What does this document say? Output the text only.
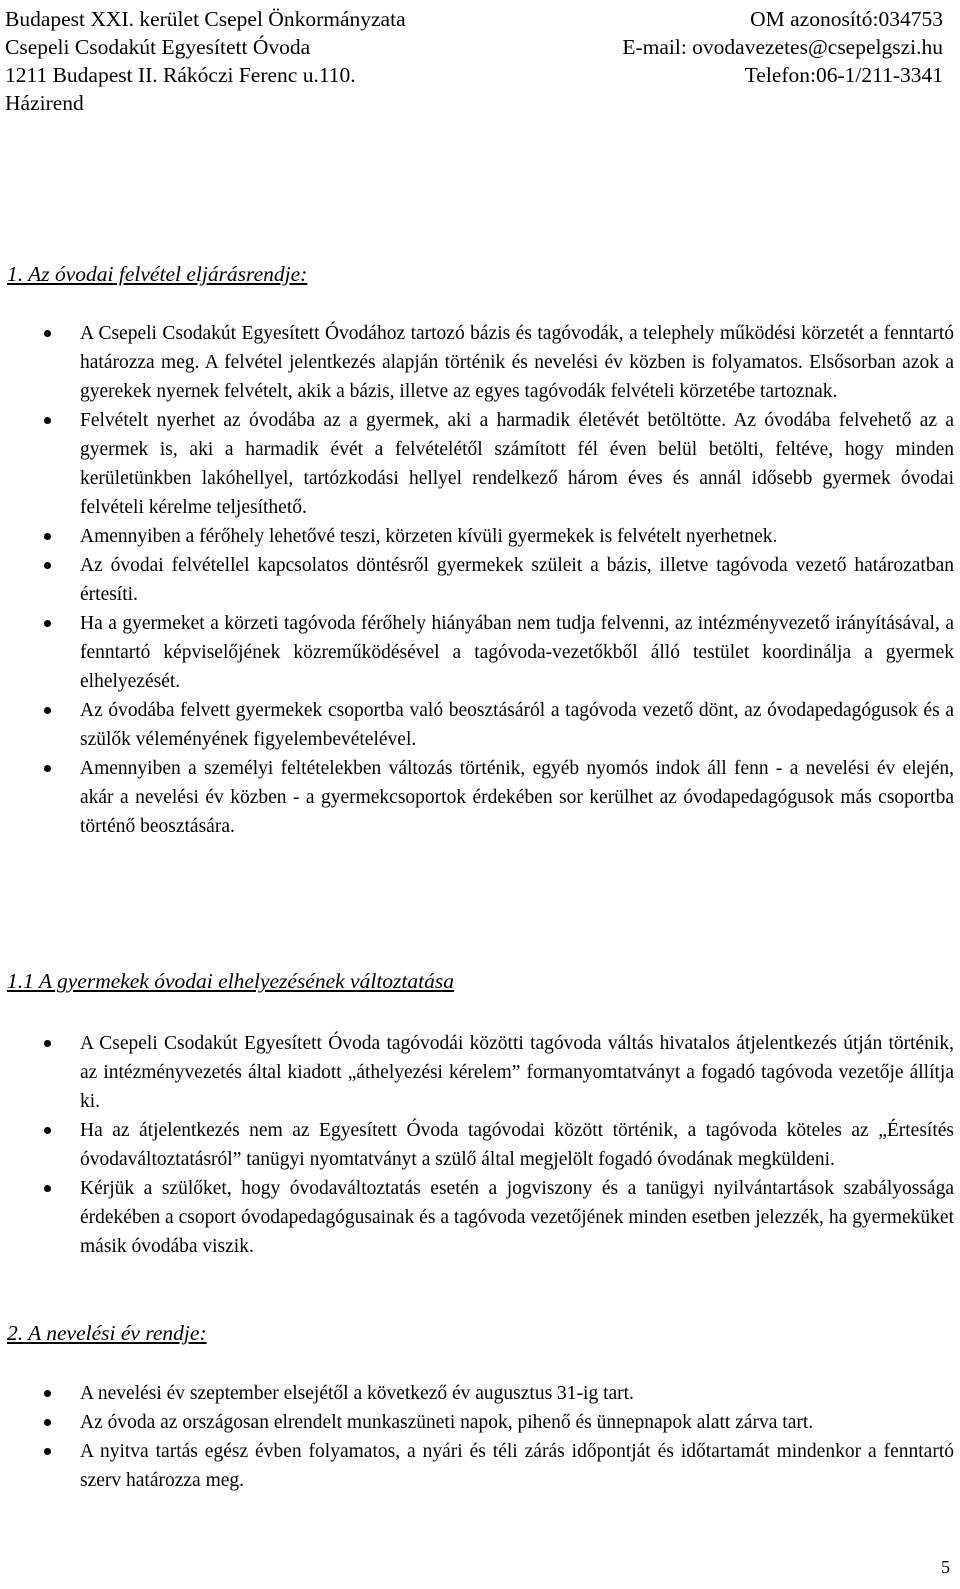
Budapest XXI. kerület Csepel Önkormányzata	OM azonosító:034753
Csepeli Csodakút Egyesített Óvoda	E-mail: ovodavezetes@csepelgszi.hu
1211 Budapest II. Rákóczi Ferenc u.110.	Telefon:06-1/211-3341
Házirend
1. Az óvodai felvétel eljárásrendje:
A Csepeli Csodakút Egyesített Óvodához tartozó bázis és tagóvodák, a telephely működési körzetét a fenntartó határozza meg. A felvétel jelentkezés alapján történik és nevelési év közben is folyamatos. Elsősorban azok a gyerekek nyernek felvételt, akik a bázis, illetve az egyes tagóvodák felvételi körzetébe tartoznak.
Felvételt nyerhet az óvodába az a gyermek, aki a harmadik életévét betöltötte. Az óvodába felvehető az a gyermek is, aki a harmadik évét a felvételétől számított fél éven belül betölti, feltéve, hogy minden kerületünkben lakóhellyel, tartózkodási hellyel rendelkező három éves és annál idősebb gyermek óvodai felvételi kérelme teljesíthető.
Amennyiben a férőhely lehetővé teszi, körzeten kívüli gyermekek is felvételt nyerhetnek.
Az óvodai felvétellel kapcsolatos döntésről gyermekek szüleit a bázis, illetve tagóvoda vezető határozatban értesíti.
Ha a gyermeket a körzeti tagóvoda férőhely hiányában nem tudja felvenni, az intézményvezető irányításával, a fenntartó képviselőjének közreműködésével a tagóvoda-vezetőkből álló testület koordinálja a gyermek elhelyezését.
Az óvodába felvett gyermekek csoportba való beosztásáról a tagóvoda vezető dönt, az óvodapedagógusok és a szülők véleményének figyelembevételével.
Amennyiben a személyi feltételekben változás történik, egyéb nyomós indok áll fenn - a nevelési év elején, akár a nevelési év közben - a gyermekcsoportok érdekében sor kerülhet az óvodapedagógusok más csoportba történő beosztására.
1.1 A gyermekek óvodai elhelyezésének változtatása
A Csepeli Csodakút Egyesített Óvoda tagóvodái közötti tagóvoda váltás hivatalos átjelentkezés útján történik, az intézményvezetés által kiadott „áthelyezési kérelem” formanyomtatványt a fogadó tagóvoda vezetője állítja ki.
Ha az átjelentkezés nem az Egyesített Óvoda tagóvodai között történik, a tagóvoda köteles az „Értesítés óvodaváltoztatásról” tanügyi nyomtatványt a szülő által megjelölt fogadó óvodának megküldeni.
Kérjük a szülőket, hogy óvodaváltoztatás esetén a jogviszony és a tanügyi nyilvántartások szabályossága érdekében a csoport óvodapedagógusainak és a tagóvoda vezetőjének minden esetben jelezzék, ha gyermeküket másik óvodába viszik.
2. A nevelési év rendje:
A nevelési év szeptember elsejétől a következő év augusztus 31-ig tart.
Az óvoda az országosan elrendelt munkaszüneti napok, pihenő és ünnepnapok alatt zárva tart.
A nyitva tartás egész évben folyamatos, a nyári és téli zárás időpontját és időtartamát mindenkor a fenntartó szerv határozza meg.
5
